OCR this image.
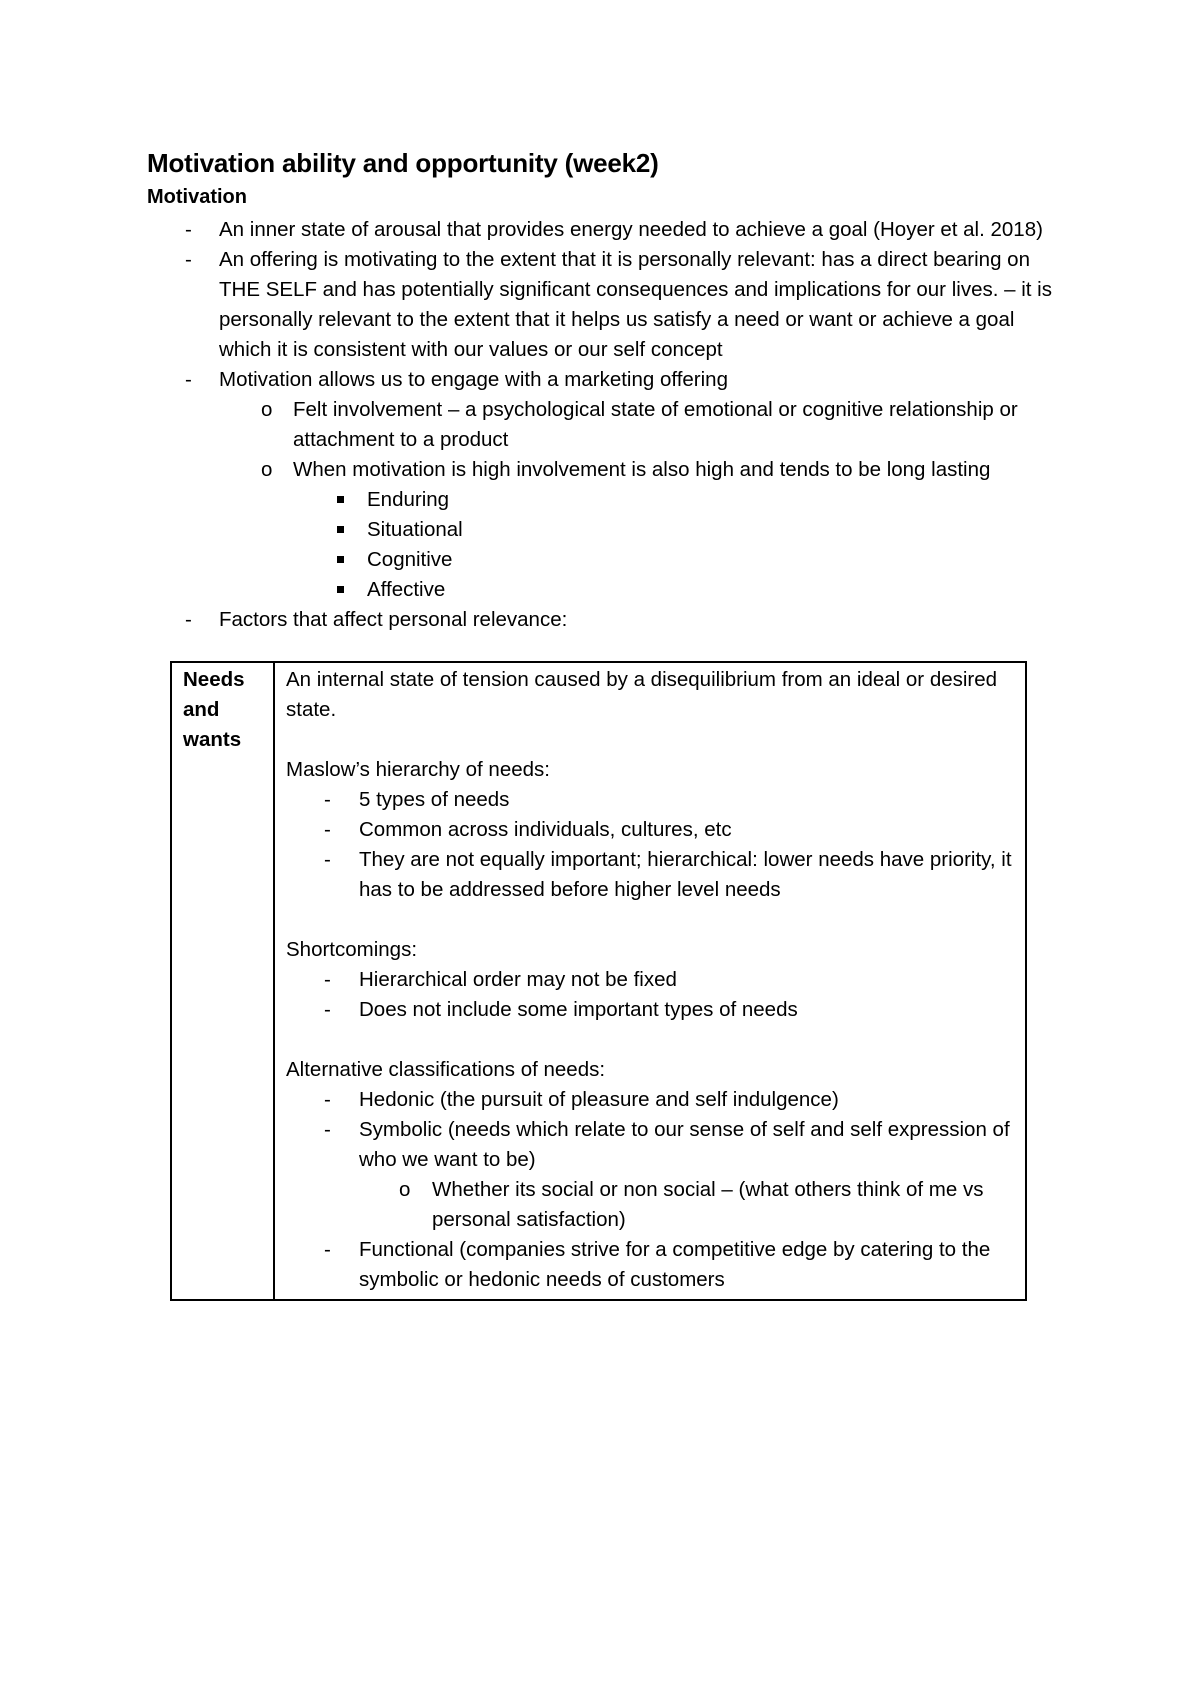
Motivation ability and opportunity (week2)
Motivation
- An inner state of arousal that provides energy needed to achieve a goal (Hoyer et al. 2018)
- An offering is motivating to the extent that it is personally relevant: has a direct bearing on THE SELF and has potentially significant consequences and implications for our lives. – it is personally relevant to the extent that it helps us satisfy a need or want or achieve a goal which it is consistent with our values or our self concept
- Motivation allows us to engage with a marketing offering
o Felt involvement – a psychological state of emotional or cognitive relationship or attachment to a product
o When motivation is high involvement is also high and tends to be long lasting
Enduring
Situational
Cognitive
Affective
- Factors that affect personal relevance:
Needs and wants	

An internal state of tension caused by a disequilibrium from an ideal or desired state.

Maslow’s hierarchy of needs:

- 5 types of needs
- Common across individuals, cultures, etc
- They are not equally important; hierarchical: lower needs have priority, it has to be addressed before higher level needs

Shortcomings:

- Hierarchical order may not be fixed
- Does not include some important types of needs

Alternative classifications of needs:

- Hedonic (the pursuit of pleasure and self indulgence)
- Symbolic (needs which relate to our sense of self and self expression of who we want to be)
o Whether its social or non social – (what others think of me vs personal satisfaction)
- Functional (companies strive for a competitive edge by catering to the symbolic or hedonic needs of customers
